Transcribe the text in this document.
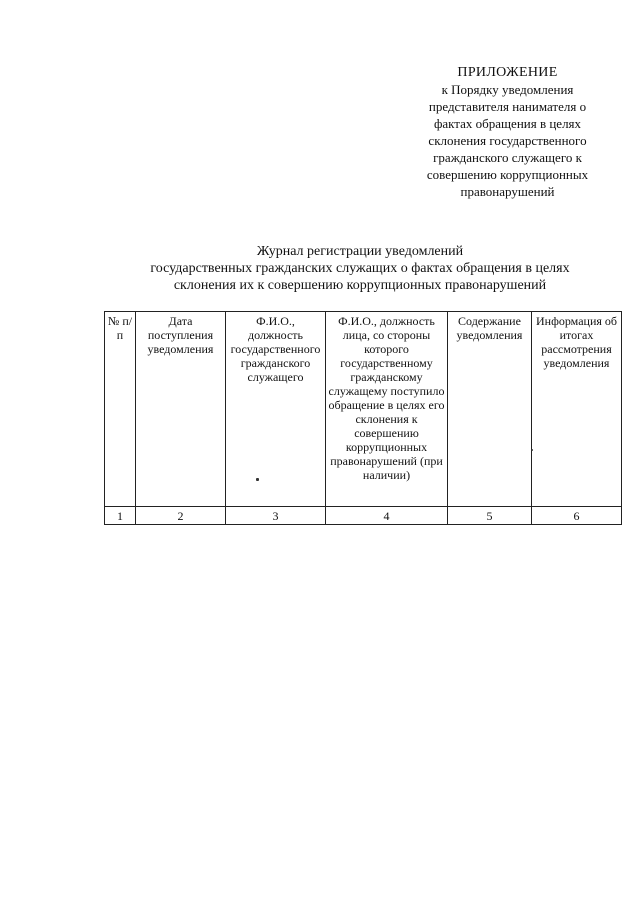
ПРИЛОЖЕНИЕ
к Порядку уведомления
представителя нанимателя о
фактах обращения в целях
склонения государственного
гражданского служащего к
совершению коррупционных
правонарушений
Журнал регистрации уведомлений
государственных гражданских служащих о фактах обращения в целях
склонения их к совершению коррупционных правонарушений
№ п/п	Дата поступления уведомления	Ф.И.О., должность государственного гражданского служащего	Ф.И.О., должность лица, со стороны которого государственному гражданскому служащему поступило обращение в целях его склонения к совершению коррупционных правонарушений (при наличии)	Содержание уведомления	Информация об итогах рассмотрения уведомления
1	2	3	4	5	6
